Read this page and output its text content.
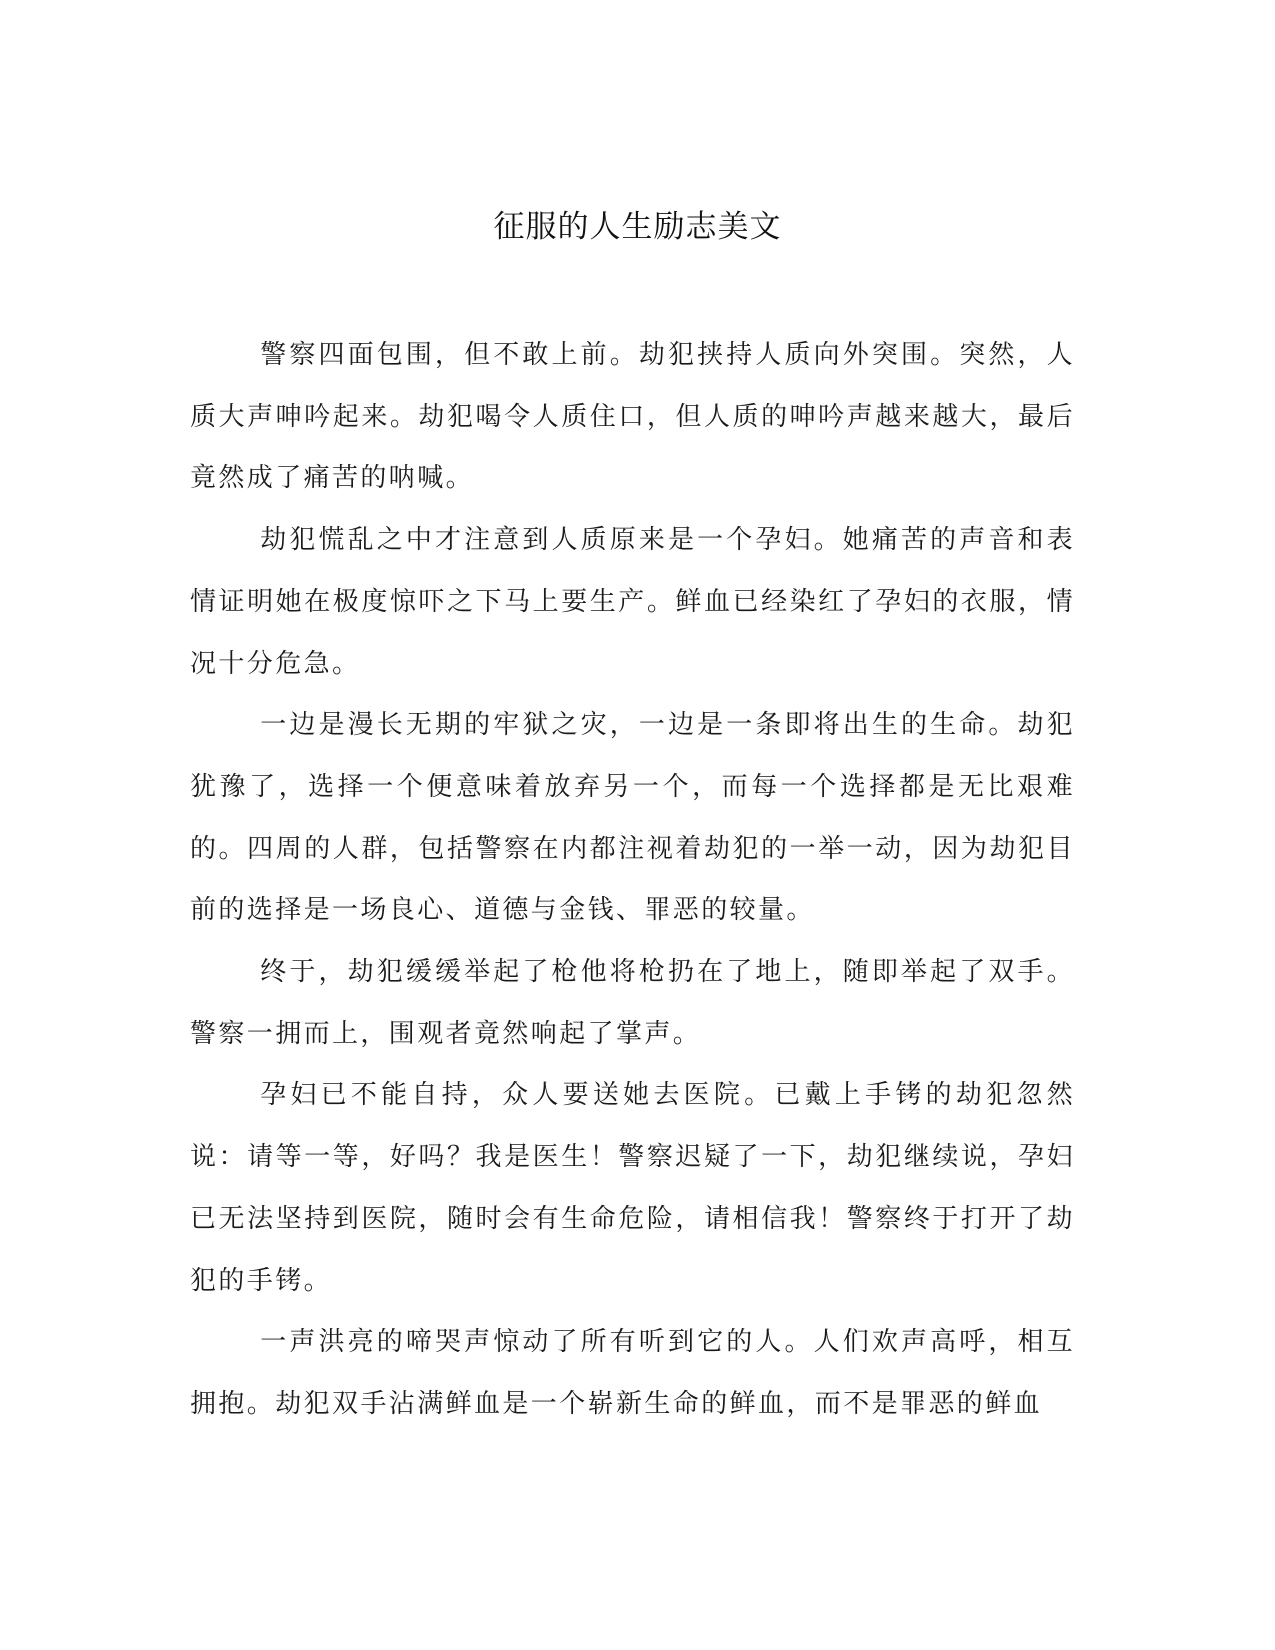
征服的人生励志美文

警察四面包围，但不敢上前。劫犯挟持人质向外突围。突然，人质大声呻吟起来。劫犯喝令人质住口，但人质的呻吟声越来越大，最后竟然成了痛苦的呐喊。

劫犯慌乱之中才注意到人质原来是一个孕妇。她痛苦的声音和表情证明她在极度惊吓之下马上要生产。鲜血已经染红了孕妇的衣服，情况十分危急。

一边是漫长无期的牢狱之灾，一边是一条即将出生的生命。劫犯犹豫了，选择一个便意味着放弃另一个，而每一个选择都是无比艰难的。四周的人群，包括警察在内都注视着劫犯的一举一动，因为劫犯目前的选择是一场良心、道德与金钱、罪恶的较量。

终于，劫犯缓缓举起了枪他将枪扔在了地上，随即举起了双手。警察一拥而上，围观者竟然响起了掌声。

孕妇已不能自持，众人要送她去医院。已戴上手铐的劫犯忽然说：请等一等，好吗？我是医生！警察迟疑了一下，劫犯继续说，孕妇已无法坚持到医院，随时会有生命危险，请相信我！警察终于打开了劫犯的手铐。

一声洪亮的啼哭声惊动了所有听到它的人。人们欢声高呼，相互拥抱。劫犯双手沾满鲜血是一个崭新生命的鲜血，而不是罪恶的鲜血
